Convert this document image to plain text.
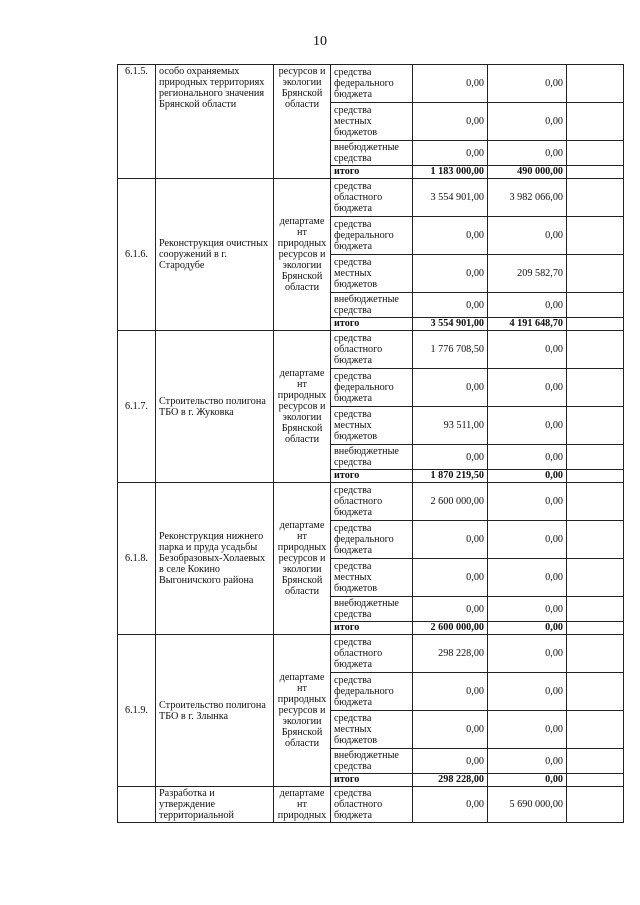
10
6.1.5.	особо охраняемых природных территориях регионального значения Брянской области	ресурсов и экологии Брянской области	средства федерального бюджета	0,00	0,00	
			средства местных бюджетов	0,00	0,00	
			внебюджетные средства	0,00	0,00	
			итого	1 183 000,00	490 000,00	
6.1.6.	Реконструкция очистных сооружений в г. Стародубе	департаме нт природных ресурсов и экологии Брянской области	средства областного бюджета	3 554 901,00	3 982 066,00	
			средства федерального бюджета	0,00	0,00	
			средства местных бюджетов	0,00	209 582,70	
			внебюджетные средства	0,00	0,00	
			итого	3 554 901,00	4 191 648,70	
6.1.7.	Строительство полигона ТБО в г. Жуковка	департаме нт природных ресурсов и экологии Брянской области	средства областного бюджета	1 776 708,50	0,00	
			средства федерального бюджета	0,00	0,00	
			средства местных бюджетов	93 511,00	0,00	
			внебюджетные средства	0,00	0,00	
			итого	1 870 219,50	0,00	
6.1.8.	Реконструкция нижнего парка и пруда усадьбы Безобразовых-Холаевых в селе Кокино Выгоничского района	департаме нт природных ресурсов и экологии Брянской области	средства областного бюджета	2 600 000,00	0,00	
			средства федерального бюджета	0,00	0,00	
			средства местных бюджетов	0,00	0,00	
			внебюджетные средства	0,00	0,00	
			итого	2 600 000,00	0,00	
6.1.9.	Строительство полигона ТБО в г. Злынка	департаме нт природных ресурсов и экологии Брянской области	средства областного бюджета	298 228,00	0,00	
			средства федерального бюджета	0,00	0,00	
			средства местных бюджетов	0,00	0,00	
			внебюджетные средства	0,00	0,00	
			итого	298 228,00	0,00	
	Разработка и утверждение территориальной	департаме нт природных	средства областного бюджета	0,00	5 690 000,00	
